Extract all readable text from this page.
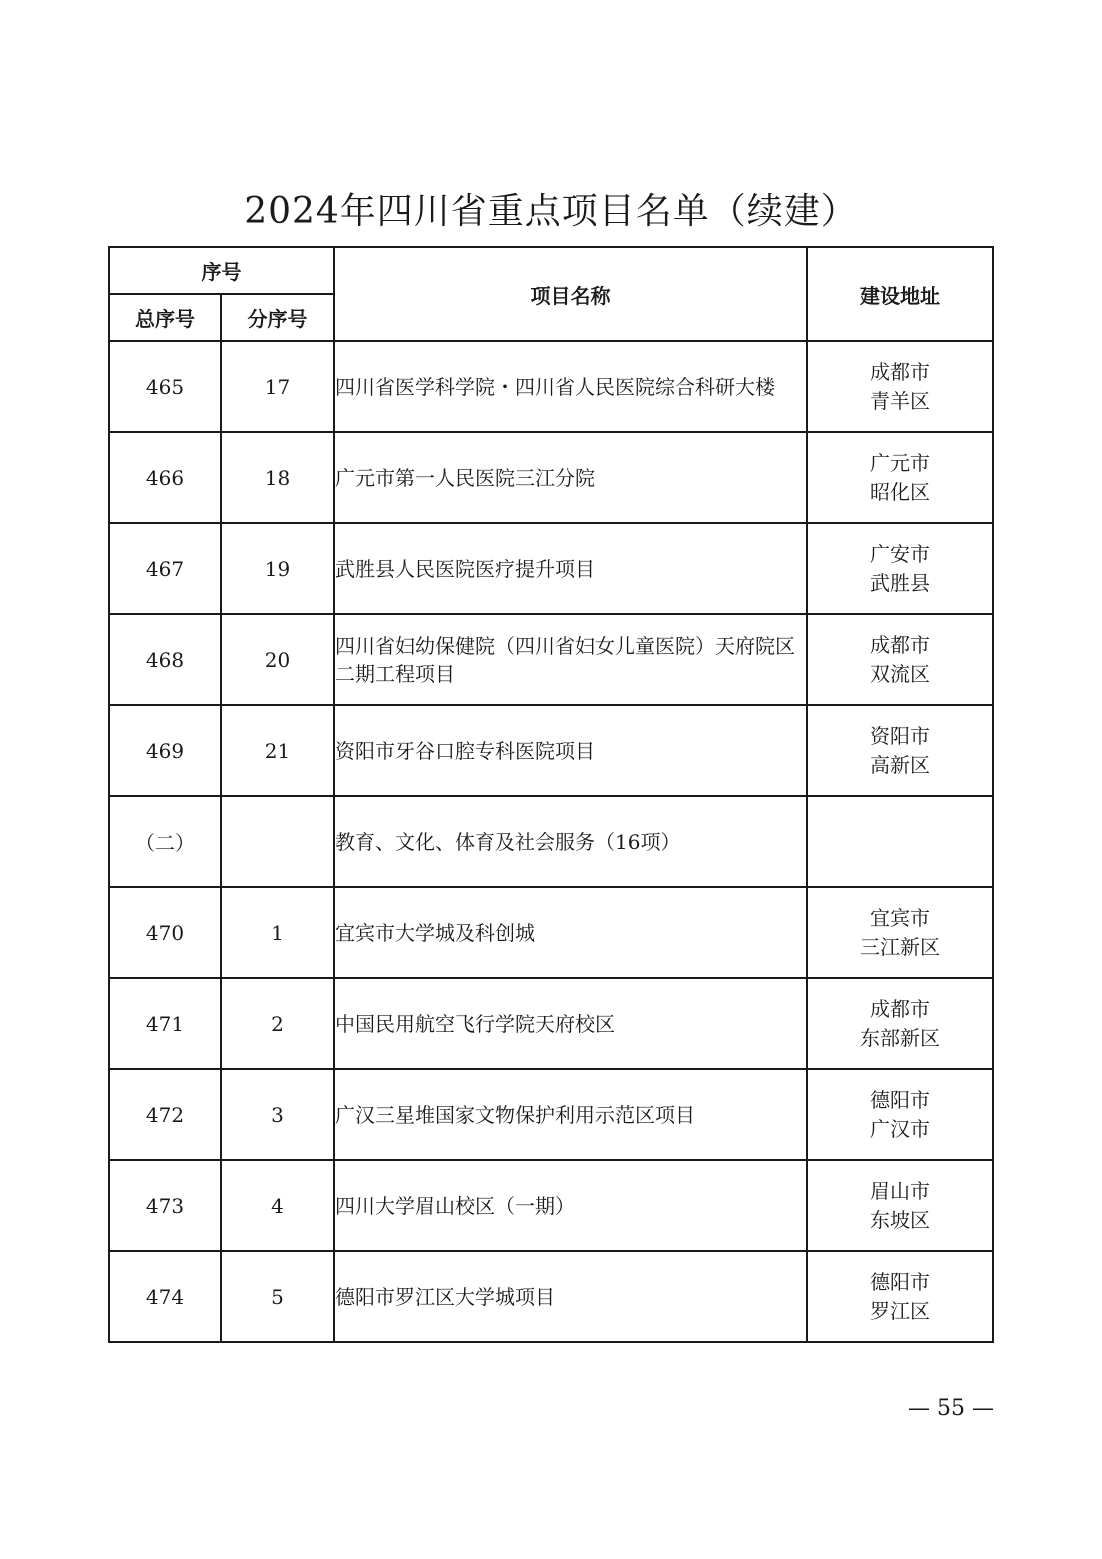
2024年四川省重点项目名单（续建）
序号		项目名称	建设地址
总序号	分序号		
465	17	四川省医学科学院・四川省人民医院综合科研大楼	成都市
青羊区

466	18	广元市第一人民医院三江分院	广元市
昭化区

467	19	武胜县人民医院医疗提升项目	广安市
武胜县

468	20	四川省妇幼保健院（四川省妇女儿童医院）天府院区二期工程项目	成都市
双流区

469	21	资阳市牙谷口腔专科医院项目	资阳市
高新区

（二）		教育、文化、体育及社会服务（16项）	

470	1	宜宾市大学城及科创城	宜宾市
三江新区

471	2	中国民用航空飞行学院天府校区	成都市
东部新区

472	3	广汉三星堆国家文物保护利用示范区项目	德阳市
广汉市

473	4	四川大学眉山校区（一期）	眉山市
东坡区

474	5	德阳市罗江区大学城项目	德阳市
罗江区
— 55 —
